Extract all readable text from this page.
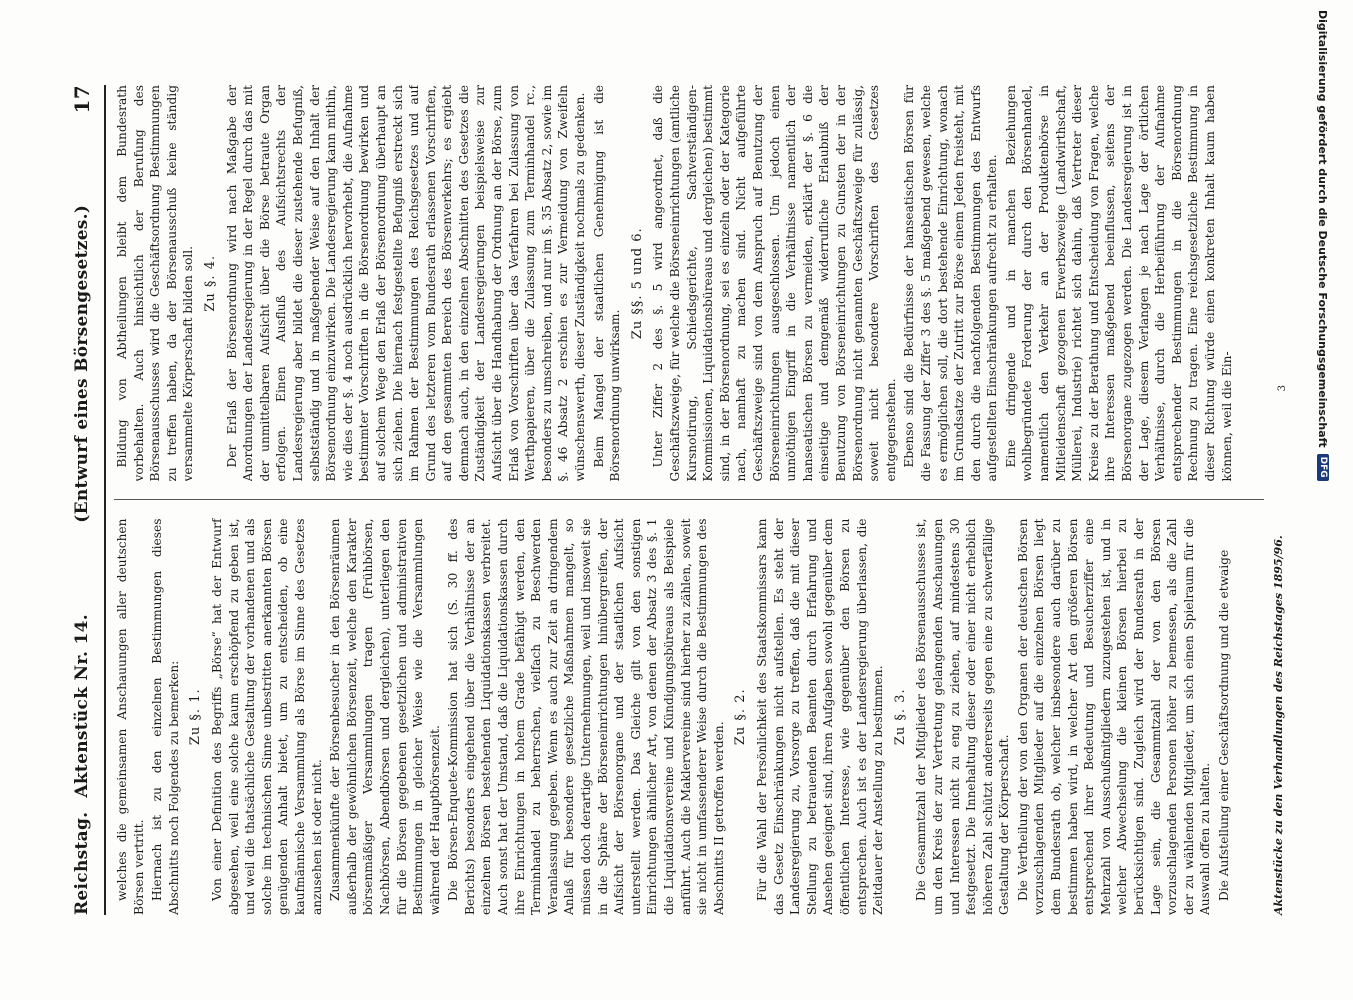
Reichstag.
Aktenstück Nr. 14.
(Entwurf eines Börsengesetzes.)
17

welches die gemeinsamen Anschauungen aller deutschen Börsen vertritt. Hiernach ist zu den einzelnen Bestimmungen dieses Abschnitts noch Folgendes zu bemerken: Zu §. 1. Von einer Definition des Begriffs „Börse“ hat der Entwurf abgesehen, weil eine solche kaum erschöpfend zu geben ist, und weil die thatsächliche Gestaltung der vorhandenen und als solche im technischen Sinne unbestritten anerkannten Börsen genügenden Anhalt bietet, um zu entscheiden, ob eine kaufmännische Versammlung als Börse im Sinne des Gesetzes anzusehen ist oder nicht. Zusammenkünfte der Börsenbesucher in den Börsenräumen außerhalb der gewöhnlichen Börsenzeit, welche den Karakter börsenmäßiger Versammlungen tragen (Frühbörsen, Nachbörsen, Abendbörsen und dergleichen), unterliegen den für die Börsen gegebenen gesetzlichen und administrativen Bestimmungen in gleicher Weise wie die Versammlungen während der Hauptbörsenzeit. Die Börsen-Enquete-Kommission hat sich (S. 30 ff. des Berichts) besonders eingehend über die Verhältnisse der an einzelnen Börsen bestehenden Liquidationskassen verbreitet. Auch sonst hat der Umstand, daß die Liquidationskassen durch ihre Einrichtungen in hohem Grade befähigt werden, den Terminhandel zu beherrschen, vielfach zu Beschwerden Veranlassung gegeben. Wenn es auch zur Zeit an dringendem Anlaß für besondere gesetzliche Maßnahmen mangelt, so müssen doch derartige Unternehmungen, weil und insoweit sie in die Sphäre der Börseneinrichtungen hinübergreifen, der Aufsicht der Börsenorgane und der staatlichen Aufsicht unterstellt werden. Das Gleiche gilt von den sonstigen Einrichtungen ähnlicher Art, von denen der Absatz 3 des §. 1 die Liquidationsvereine und Kündigungsbüreaus als Beispiele anführt. Auch die Maklervereine sind hierher zu zählen, soweit sie nicht in umfassenderer Weise durch die Bestimmungen des Abschnitts II getroffen werden.

Zu §. 2. Für die Wahl der Persönlichkeit des Staatskommissars kann das Gesetz Einschränkungen nicht aufstellen. Es steht der Landesregierung zu, Vorsorge zu treffen, daß die mit dieser Stellung zu betrauenden Beamten durch Erfahrung und Ansehen geeignet sind, ihren Aufgaben sowohl gegenüber dem öffentlichen Interesse, wie gegenüber den Börsen zu entsprechen. Auch ist es der Landesregierung überlassen, die Zeitdauer der Anstellung zu bestimmen. Zu §. 3. Die Gesammtzahl der Mitglieder des Börsenausschusses ist, um den Kreis der zur Vertretung gelangenden Anschauungen und Interessen nicht zu eng zu ziehen, auf mindestens 30 festgesetzt. Die Innehaltung dieser oder einer nicht erheblich höheren Zahl schützt andererseits gegen eine zu schwerfällige Gestaltung der Körperschaft. Die Vertheilung der von den Organen der deutschen Börsen vorzuschlagenden Mitglieder auf die einzelnen Börsen liegt dem Bundesrath ob, welcher insbesondere auch darüber zu bestimmen haben wird, in welcher Art den größeren Börsen entsprechend ihrer Bedeutung und Besucherziffer eine Mehrzahl von Ausschußmitgliedern zuzugestehen ist, und in welcher Abwechselung die kleinen Börsen hierbei zu berücksichtigen sind. Zugleich wird der Bundesrath in der Lage sein, die Gesammtzahl der von den Börsen vorzuschlagenden Personen höher zu bemessen, als die Zahl der zu wählenden Mitglieder, um sich einen Spielraum für die Auswahl offen zu halten. Die Aufstellung einer Geschäftsordnung und die etwaige

Bildung von Abtheilungen bleibt dem Bundesrath vorbehalten. Auch hinsichtlich der Berufung des Börsenausschusses wird die Geschäftsordnung Bestimmungen zu treffen haben, da der Börsenausschuß keine ständig versammelte Körperschaft bilden soll. Zu §. 4. Der Erlaß der Börsenordnung wird nach Maßgabe der Anordnungen der Landesregierung in der Regel durch das mit der unmittelbaren Aufsicht über die Börse betraute Organ erfolgen. Einen Ausfluß des Aufsichtsrechts der Landesregierung aber bildet die dieser zustehende Befugniß, selbstständig und in maßgebender Weise auf den Inhalt der Börsenordnung einzuwirken. Die Landesregierung kann mithin, wie dies der §. 4 noch ausdrücklich hervorhebt, die Aufnahme bestimmter Vorschriften in die Börsenordnung bewirken und auf solchem Wege den Erlaß der Börsenordnung überhaupt an sich ziehen. Die hiernach festgestellte Befugniß erstreckt sich im Rahmen der Bestimmungen des Reichsgesetzes und auf Grund des letzteren vom Bundesrath erlassenen Vorschriften, auf den gesammten Bereich des Börsenverkehrs; es ergiebt demnach auch, in den einzelnen Abschnitten des Gesetzes die Zuständigkeit der Landesregierungen beispielsweise zur Aufsicht über die Handhabung der Ordnung an der Börse, zum Erlaß von Vorschriften über das Verfahren bei Zulassung von Werthpapieren, über die Zulassung zum Terminhandel rc., besonders zu umschreiben, und nur im §. 35 Absatz 2, sowie im §. 46 Absatz 2 erschien es zur Vermeidung von Zweifeln wünschenswerth, dieser Zuständigkeit nochmals zu gedenken. Beim Mangel der staatlichen Genehmigung ist die Börsenordnung unwirksam.

Zu §§. 5 und 6. Unter Ziffer 2 des §. 5 wird angeordnet, daß die Geschäftszweige, für welche die Börseneinrichtungen (amtliche Kursnotirung, Schiedsgerichte, Sachverständigen-Kommissionen, Liquidationsbüreaus und dergleichen) bestimmt sind, in der Börsenordnung, sei es einzeln oder der Kategorie nach, namhaft zu machen sind. Nicht aufgeführte Geschäftszweige sind von dem Anspruch auf Benutzung der Börseneinrichtungen ausgeschlossen. Um jedoch einen unnöthigen Eingriff in die Verhältnisse namentlich der hanseatischen Börsen zu vermeiden, erklärt der §. 6 die einseitige und demgemäß widerrufliche Erlaubniß der Benutzung von Börseneinrichtungen zu Gunsten der in der Börsenordnung nicht genannten Geschäftszweige für zulässig, soweit nicht besondere Vorschriften des Gesetzes entgegenstehen. Ebenso sind die Bedürfnisse der hanseatischen Börsen für die Fassung der Ziffer 3 des §. 5 maßgebend gewesen, welche es ermöglichen soll, die dort bestehende Einrichtung, wonach im Grundsatze der Zutritt zur Börse einem Jeden freisteht, mit den durch die nachfolgenden Bestimmungen des Entwurfs aufgestellten Einschränkungen aufrecht zu erhalten. Eine dringende und in manchen Beziehungen wohlbegründete Forderung der durch den Börsenhandel, namentlich den Verkehr an der Produktenbörse in Mitleidenschaft gezogenen Erwerbszweige (Landwirthschaft, Müllerei, Industrie) richtet sich dahin, daß Vertreter dieser Kreise zu der Berathung und Entscheidung von Fragen, welche ihre Interessen maßgebend beeinflussen, seitens der Börsenorgane zugezogen werden. Die Landesregierung ist in der Lage, diesem Verlangen je nach Lage der örtlichen Verhältnisse, durch die Herbeiführung der Aufnahme entsprechender Bestimmungen in die Börsenordnung Rechnung zu tragen. Eine reichsgesetzliche Bestimmung in dieser Richtung würde einen konkreten Inhalt kaum haben können, weil die Ein-

Aktenstücke zu den Verhandlungen des Reichstages 1895/96.
3	Digitalisierung gefördert durch die Deutsche Forschungsgemeinschaft
DFG
